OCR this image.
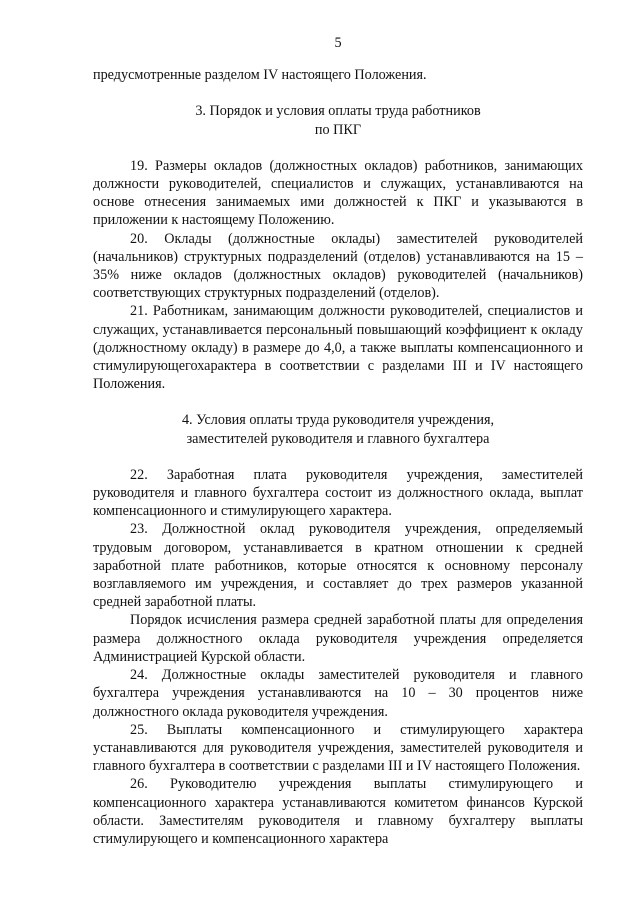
5

предусмотренные разделом IV настоящего Положения.

3. Порядок и условия оплаты труда работников

по ПКГ

19. Размеры окладов (должностных окладов) работников, занимающих должности руководителей, специалистов и служащих, устанавливаются на основе отнесения занимаемых ими должностей к ПКГ и указываются в приложении к настоящему Положению.

20. Оклады (должностные оклады) заместителей руководителей (начальников) структурных подразделений (отделов) устанавливаются на 15 – 35% ниже окладов (должностных окладов) руководителей (начальников) соответствующих структурных подразделений (отделов).

21. Работникам, занимающим должности руководителей, специалистов и служащих, устанавливается персональный повышающий коэффициент к окладу (должностному окладу) в размере до 4,0, а также выплаты компенсационного и стимулирующегохарактера в соответствии с разделами III и IV настоящего Положения.

4. Условия оплаты труда руководителя учреждения,

заместителей руководителя и главного бухгалтера

22. Заработная плата руководителя учреждения, заместителей руководителя и главного бухгалтера состоит из должностного оклада, выплат компенсационного и стимулирующего характера.

23. Должностной оклад руководителя учреждения, определяемый трудовым договором, устанавливается в кратном отношении к средней заработной плате работников, которые относятся к основному персоналу возглавляемого им учреждения, и составляет до трех размеров указанной средней заработной платы.

Порядок исчисления размера средней заработной платы для определения размера должностного оклада руководителя учреждения определяется Администрацией Курской области.

24. Должностные оклады заместителей руководителя и главного бухгалтера учреждения устанавливаются на 10 – 30 процентов ниже должностного оклада руководителя учреждения.

25. Выплаты компенсационного и стимулирующего характера устанавливаются для руководителя учреждения, заместителей руководителя и главного бухгалтера в соответствии с разделами III и IV настоящего Положения.

26. Руководителю учреждения выплаты стимулирующего и компенсационного характера устанавливаются комитетом финансов Курской области. Заместителям руководителя и главному бухгалтеру выплаты стимулирующего и компенсационного характера
